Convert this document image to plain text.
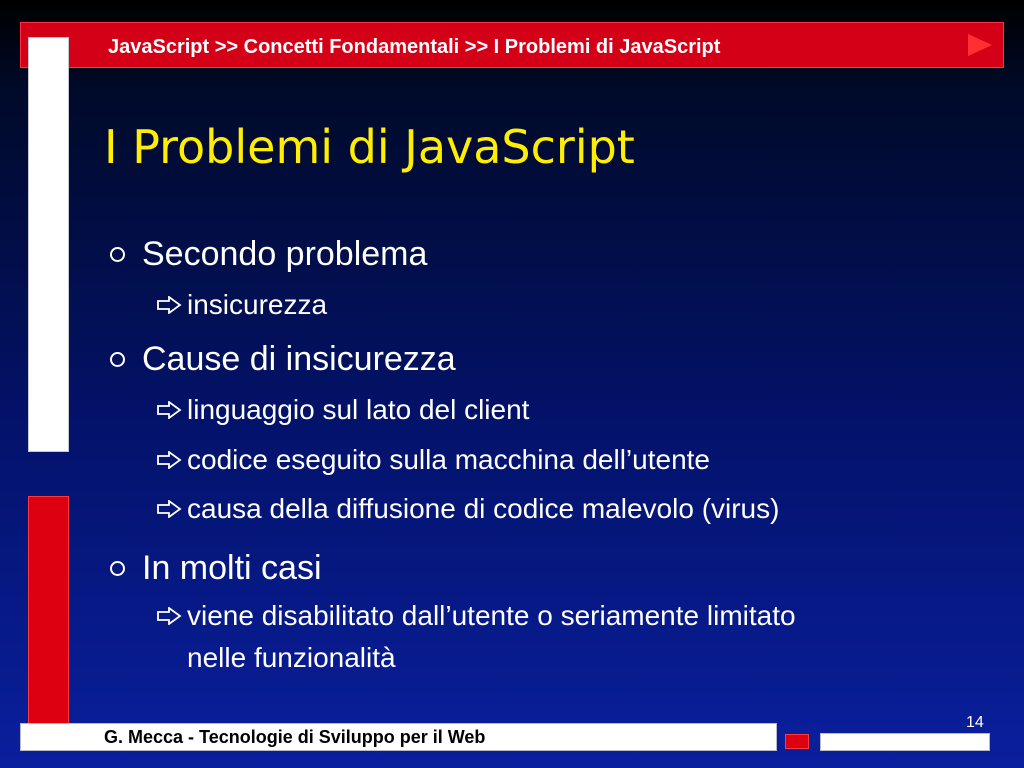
JavaScript >> Concetti Fondamentali >> I Problemi di JavaScript
I Problemi di JavaScript
Secondo problema
insicurezza
Cause di insicurezza
linguaggio sul lato del client
codice eseguito sulla macchina dell’utente
causa della diffusione di codice malevolo (virus)
In molti casi
viene disabilitato dall’utente o seriamente limitato
nelle funzionalità
G. Mecca - Tecnologie di Sviluppo per il Web
14
